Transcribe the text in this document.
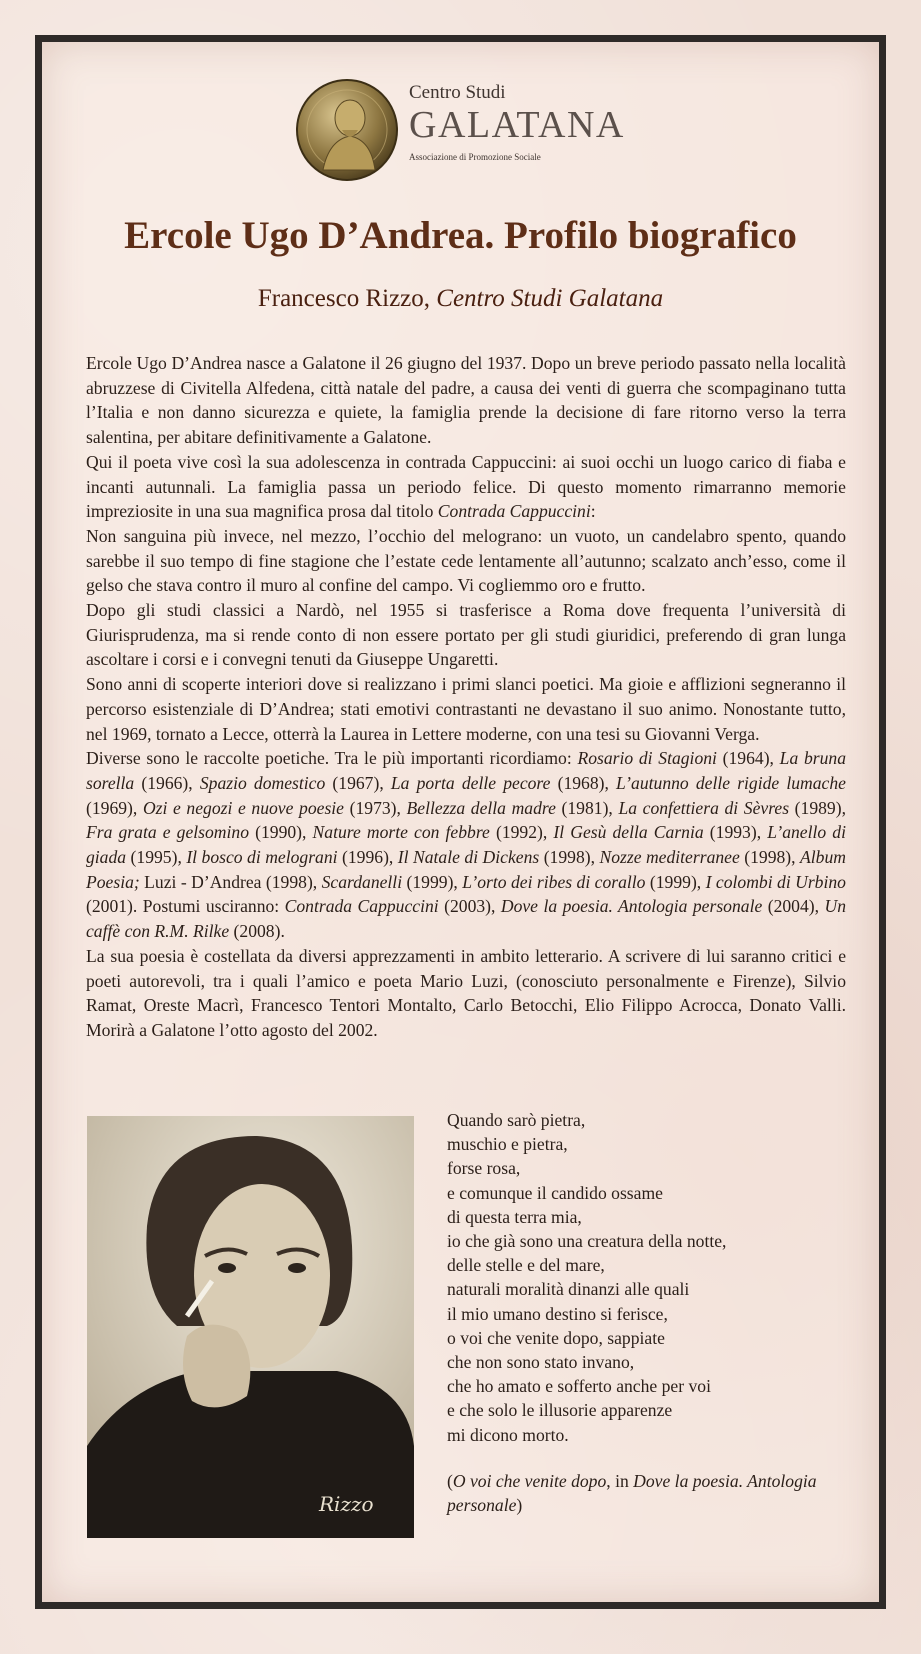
Centro Studi
GALATANA
Associazione di Promozione Sociale
Ercole Ugo D’Andrea. Profilo biografico
Francesco Rizzo, Centro Studi Galatana

Ercole Ugo D’Andrea nasce a Galatone il 26 giugno del 1937. Dopo un breve periodo passato nella località abruzzese di Civitella Alfedena, città natale del padre, a causa dei venti di guerra che scompaginano tutta l’Italia e non danno sicurezza e quiete, la famiglia prende la decisione di fare ritorno verso la terra salentina, per abitare definitivamente a Galatone.

Qui il poeta vive così la sua adolescenza in contrada Cappuccini: ai suoi occhi un luogo carico di fiaba e incanti autunnali. La famiglia passa un periodo felice. Di questo momento rimarranno memorie impreziosite in una sua magnifica prosa dal titolo Contrada Cappuccini:

Non sanguina più invece, nel mezzo, l’occhio del melograno: un vuoto, un candelabro spento, quando sarebbe il suo tempo di fine stagione che l’estate cede lentamente all’autunno; scalzato anch’esso, come il gelso che stava contro il muro al confine del campo. Vi cogliemmo oro e frutto.

Dopo gli studi classici a Nardò, nel 1955 si trasferisce a Roma dove frequenta l’università di Giurisprudenza, ma si rende conto di non essere portato per gli studi giuridici, preferendo di gran lunga ascoltare i corsi e i convegni tenuti da Giuseppe Ungaretti.

Sono anni di scoperte interiori dove si realizzano i primi slanci poetici. Ma gioie e afflizioni segneranno il percorso esistenziale di D’Andrea; stati emotivi contrastanti ne devastano il suo animo. Nonostante tutto, nel 1969, tornato a Lecce, otterrà la Laurea in Lettere moderne, con una tesi su Giovanni Verga.

Diverse sono le raccolte poetiche. Tra le più importanti ricordiamo: Rosario di Stagioni (1964), La bruna sorella (1966), Spazio domestico (1967), La porta delle pecore (1968), L’autunno delle rigide lumache (1969), Ozi e negozi e nuove poesie (1973), Bellezza della madre (1981), La confettiera di Sèvres (1989), Fra grata e gelsomino (1990), Nature morte con febbre (1992), Il Gesù della Carnia (1993), L’anello di giada (1995), Il bosco di melograni (1996), Il Natale di Dickens (1998), Nozze mediterranee (1998), Album Poesia; Luzi - D’Andrea (1998), Scardanelli (1999), L’orto dei ribes di corallo (1999), I colombi di Urbino (2001). Postumi usciranno: Contrada Cappuccini (2003), Dove la poesia. Antologia personale (2004), Un caffè con R.M. Rilke (2008).

La sua poesia è costellata da diversi apprezzamenti in ambito letterario. A scrivere di lui saranno critici e poeti autorevoli, tra i quali l’amico e poeta Mario Luzi, (conosciuto personalmente e Firenze), Silvio Ramat, Oreste Macrì, Francesco Tentori Montalto, Carlo Betocchi, Elio Filippo Acrocca, Donato Valli. Morirà a Galatone l’otto agosto del 2002.

Rizzo
Quando sarò pietra,
muschio e pietra,
forse rosa,
e comunque il candido ossame
di questa terra mia,
io che già sono una creatura della notte,
delle stelle e del mare,
naturali moralità dinanzi alle quali
il mio umano destino si ferisce,
o voi che venite dopo, sappiate
che non sono stato invano,
che ho amato e sofferto anche per voi
e che solo le illusorie apparenze
mi dicono morto.
(O voi che venite dopo, in Dove la poesia. Antologia personale)
